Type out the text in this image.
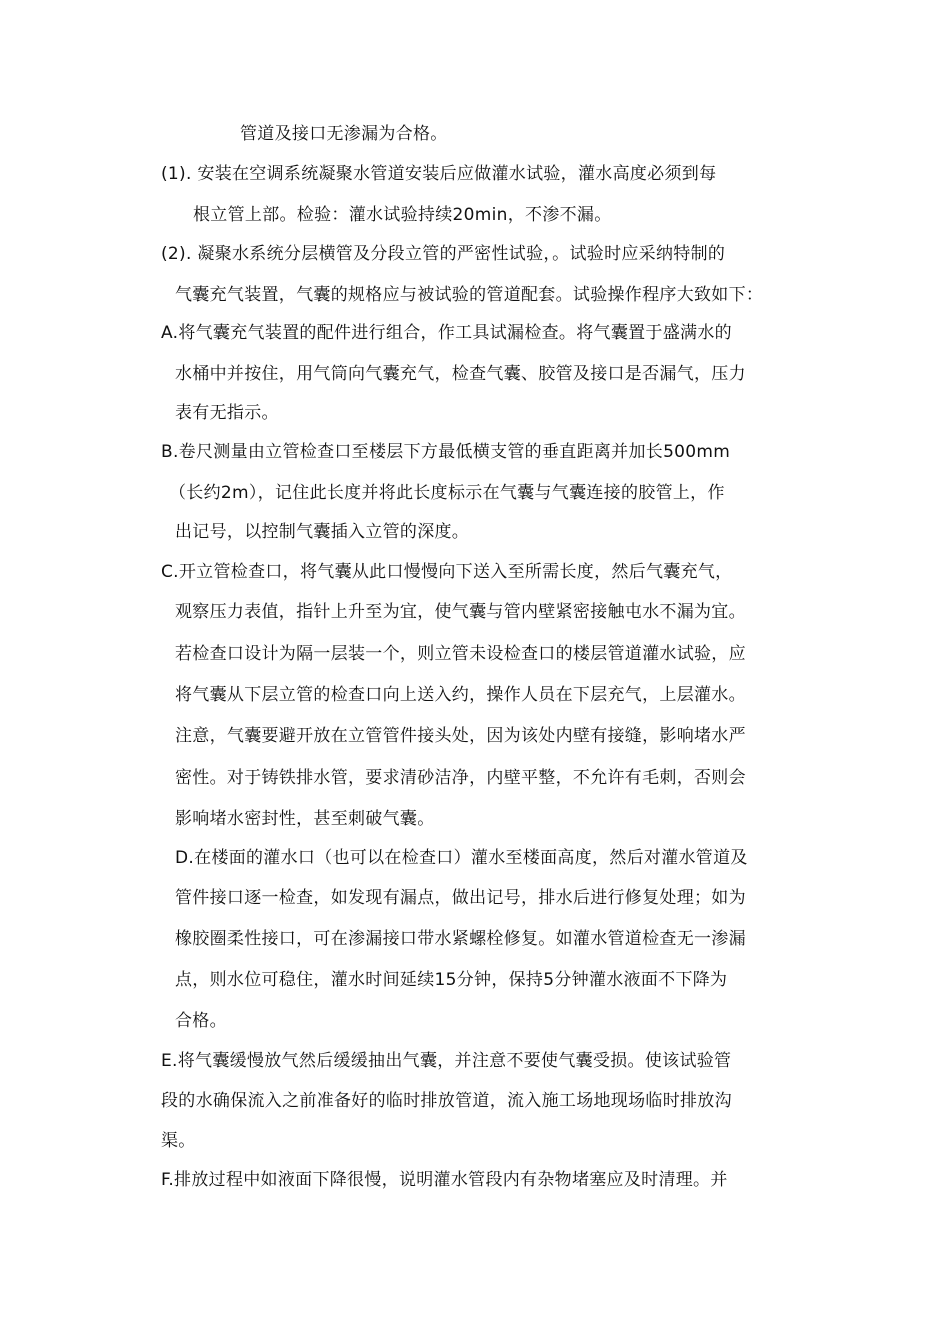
管道及接口无渗漏为合格。
(1). 安装在空调系统凝聚水管道安装后应做灌水试验，灌水高度必须到每
根立管上部。检验：灌水试验持续20min，不渗不漏。
(2). 凝聚水系统分层横管及分段立管的严密性试验，。试验时应采纳特制的
气囊充气装置，气囊的规格应与被试验的管道配套。试验操作程序大致如下：
A.将气囊充气装置的配件进行组合，作工具试漏检查。将气囊置于盛满水的
水桶中并按住，用气筒向气囊充气，检查气囊、胶管及接口是否漏气，压力
表有无指示。
B.卷尺测量由立管检查口至楼层下方最低横支管的垂直距离并加长500mm
（长约2m），记住此长度并将此长度标示在气囊与气囊连接的胶管上，作
出记号，以控制气囊插入立管的深度。
C.开立管检查口，将气囊从此口慢慢向下送入至所需长度，然后气囊充气，
观察压力表值，指针上升至为宜，使气囊与管内壁紧密接触屯水不漏为宜。
若检查口设计为隔一层装一个，则立管未设检查口的楼层管道灌水试验，应
将气囊从下层立管的检查口向上送入约，操作人员在下层充气，上层灌水。
注意，气囊要避开放在立管管件接头处，因为该处内壁有接缝，影响堵水严
密性。对于铸铁排水管，要求清砂洁净，内壁平整，不允许有毛刺，否则会
影响堵水密封性，甚至刺破气囊。
D.在楼面的灌水口（也可以在检查口）灌水至楼面高度，然后对灌水管道及
管件接口逐一检查，如发现有漏点，做出记号，排水后进行修复处理；如为
橡胶圈柔性接口，可在渗漏接口带水紧螺栓修复。如灌水管道检查无一渗漏
点，则水位可稳住，灌水时间延续15分钟，保持5分钟灌水液面不下降为
合格。
E.将气囊缓慢放气然后缓缓抽出气囊，并注意不要使气囊受损。使该试验管
段的水确保流入之前准备好的临时排放管道，流入施工场地现场临时排放沟
渠。
F.排放过程中如液面下降很慢，说明灌水管段内有杂物堵塞应及时清理。并
